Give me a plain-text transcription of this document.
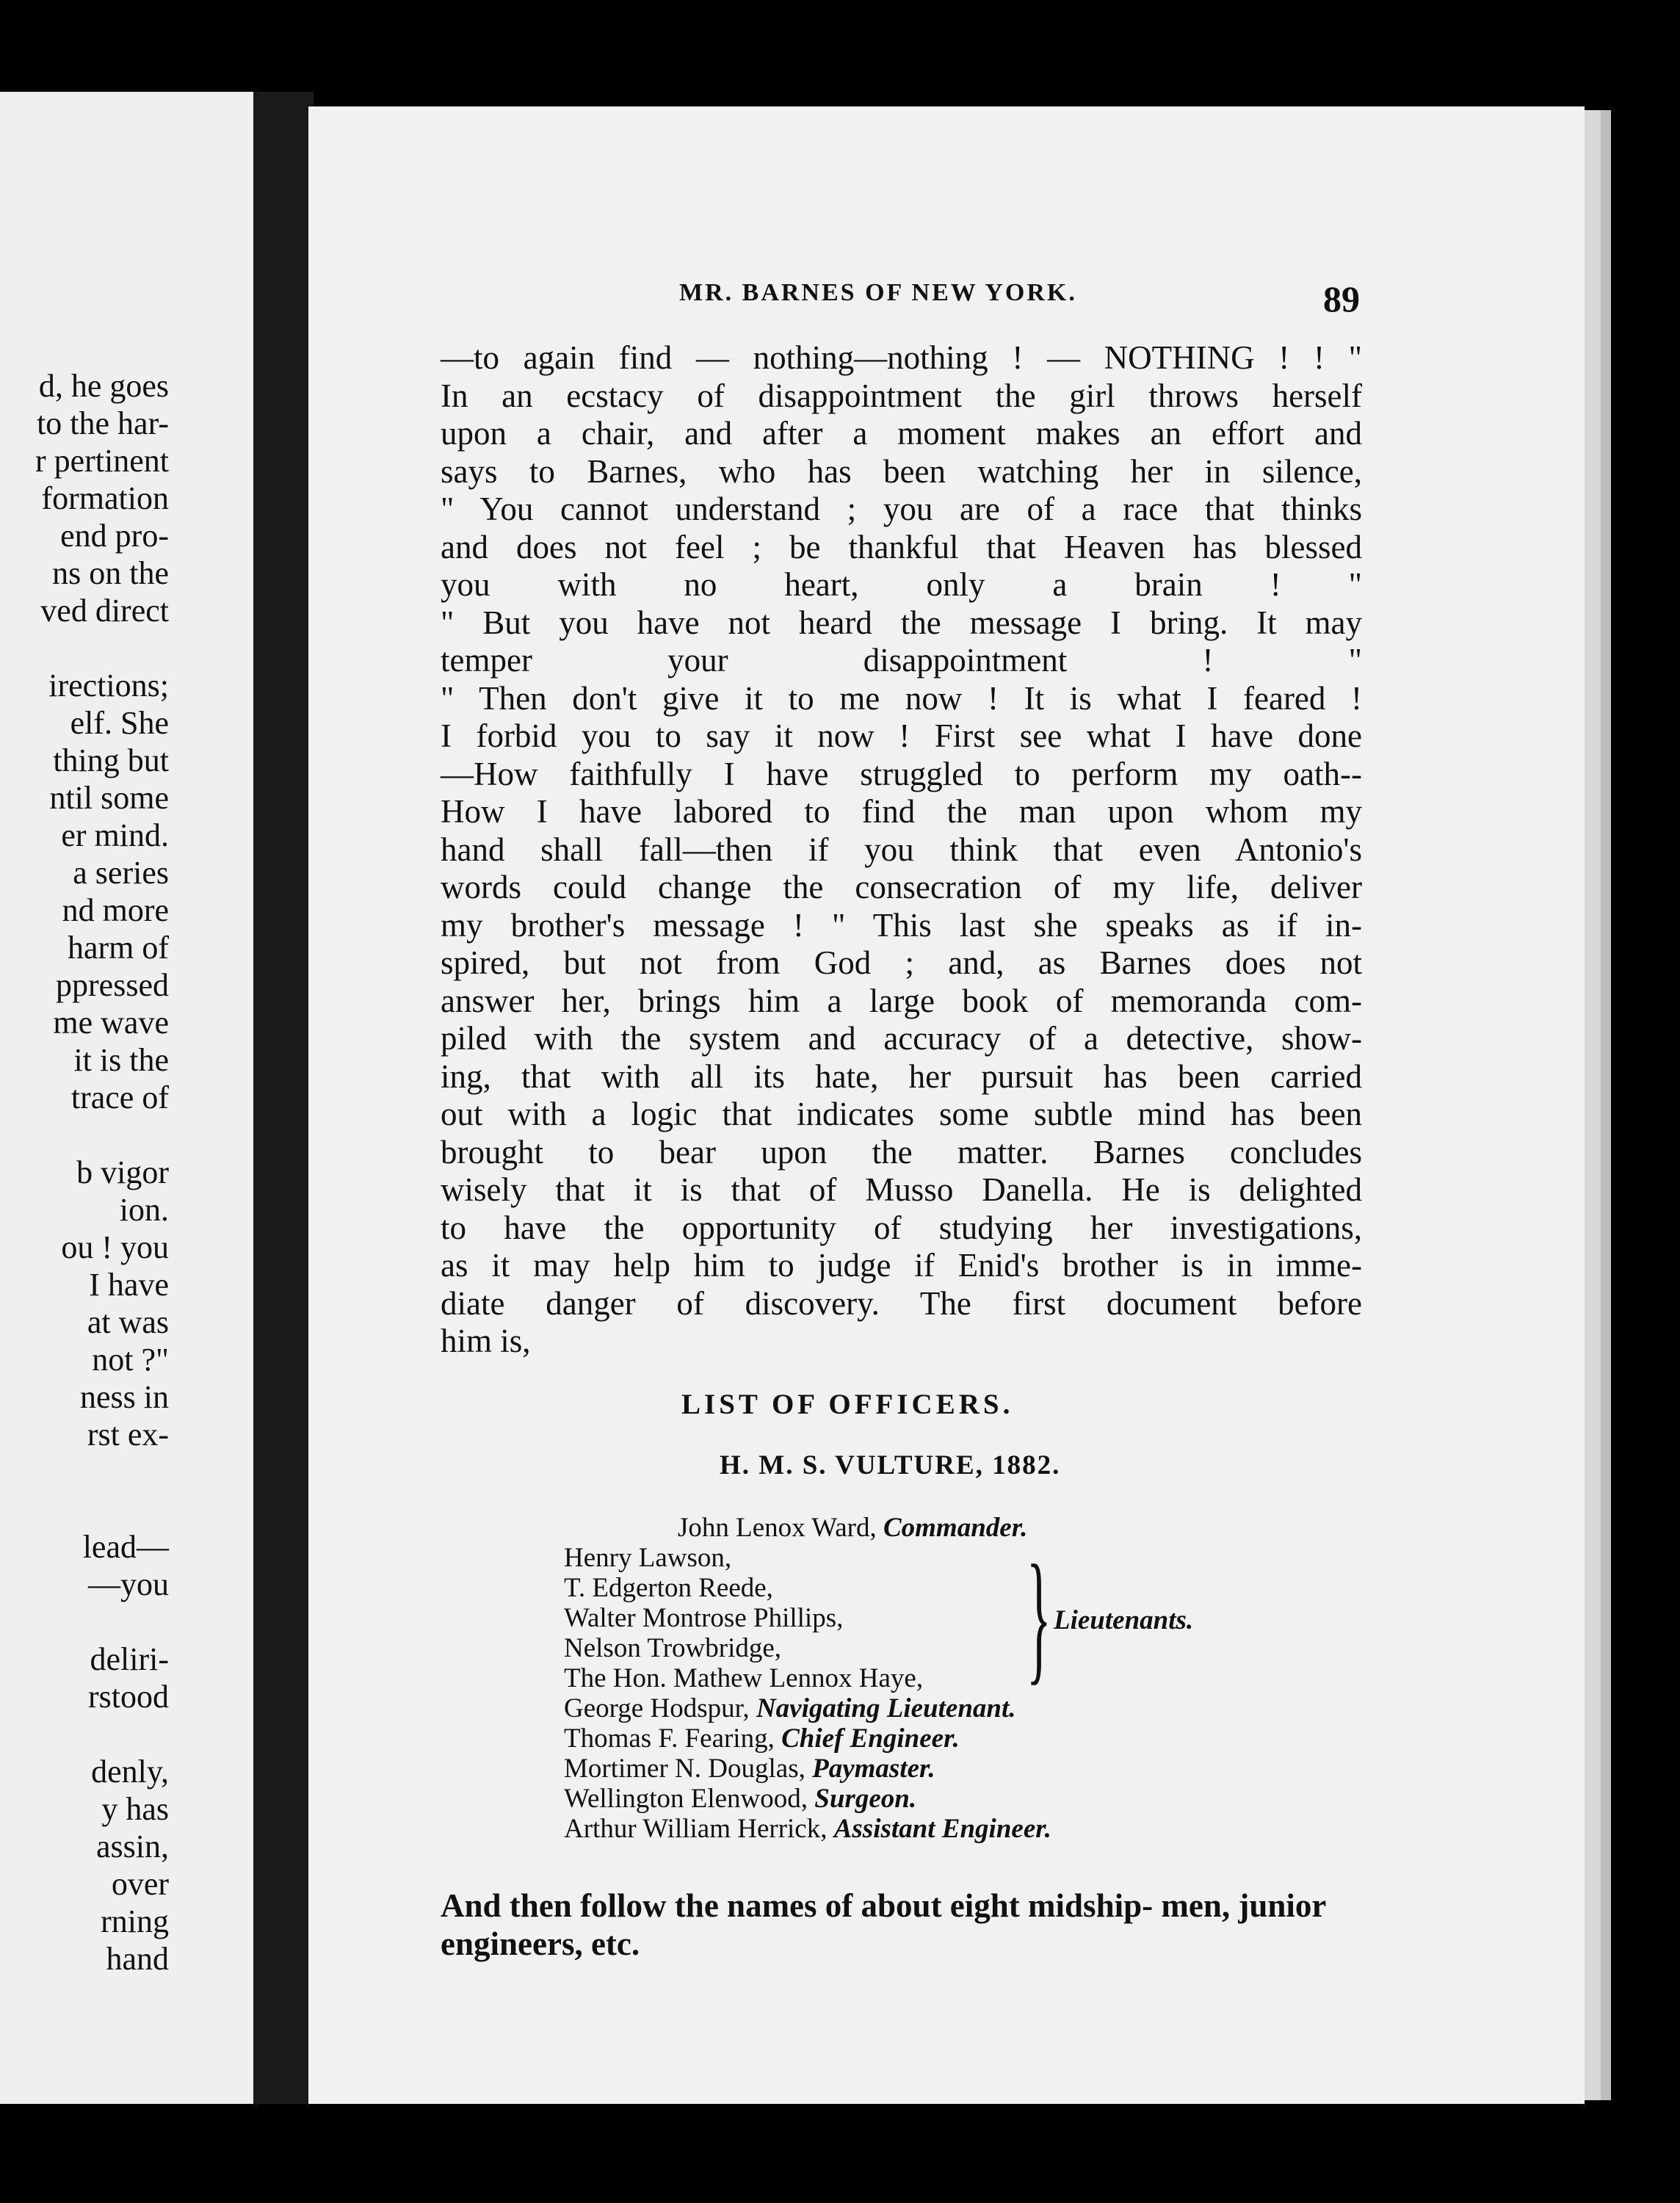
d, he goes
to the har-
r pertinent
formation
end pro-
ns on the
ved direct
irections;
elf. She
thing but
ntil some
er mind.
a series
nd more
harm of
ppressed
me wave
it is the
trace of
b vigor
ion.
ou ! you
I have
at was
not ?"
ness in
rst ex-
lead—
—you
deliri-
rstood
denly,
y has
assin,
over
rning
hand
MR. BARNES OF NEW YORK.	89
—to again find — nothing—nothing ! — NOTHING ! ! "
In an ecstacy of disappointment the girl throws herself
upon a chair, and after a moment makes an effort and
says to Barnes, who has been watching her in silence,
" You cannot understand ; you are of a race that thinks
and does not feel ; be thankful that Heaven has blessed
you with no heart, only a brain ! "
" But you have not heard the message I bring. It may
temper your disappointment ! "
" Then don't give it to me now ! It is what I feared !
I forbid you to say it now ! First see what I have done
—How faithfully I have struggled to perform my oath--
How I have labored to find the man upon whom my
hand shall fall—then if you think that even Antonio's
words could change the consecration of my life, deliver
my brother's message ! " This last she speaks as if in-
spired, but not from God ; and, as Barnes does not
answer her, brings him a large book of memoranda com-
piled with the system and accuracy of a detective, show-
ing, that with all its hate, her pursuit has been carried
out with a logic that indicates some subtle mind has been
brought to bear upon the matter. Barnes concludes
wisely that it is that of Musso Danella. He is delighted
to have the opportunity of studying her investigations,
as it may help him to judge if Enid's brother is in imme-
diate danger of discovery. The first document before
him is,
LIST OF OFFICERS.
H. M. S. VULTURE, 1882.
John Lenox Ward, Commander.
Henry Lawson,
T. Edgerton Reede,
Walter Montrose Phillips,
Nelson Trowbridge,
The Hon. Mathew Lennox Haye,
George Hodspur, Navigating Lieutenant.
Thomas F. Fearing, Chief Engineer.
Mortimer N. Douglas, Paymaster.
Wellington Elenwood, Surgeon.
Arthur William Herrick, Assistant Engineer.
} Lieutenants.
And then follow the names of about eight midship- men, junior engineers, etc.
